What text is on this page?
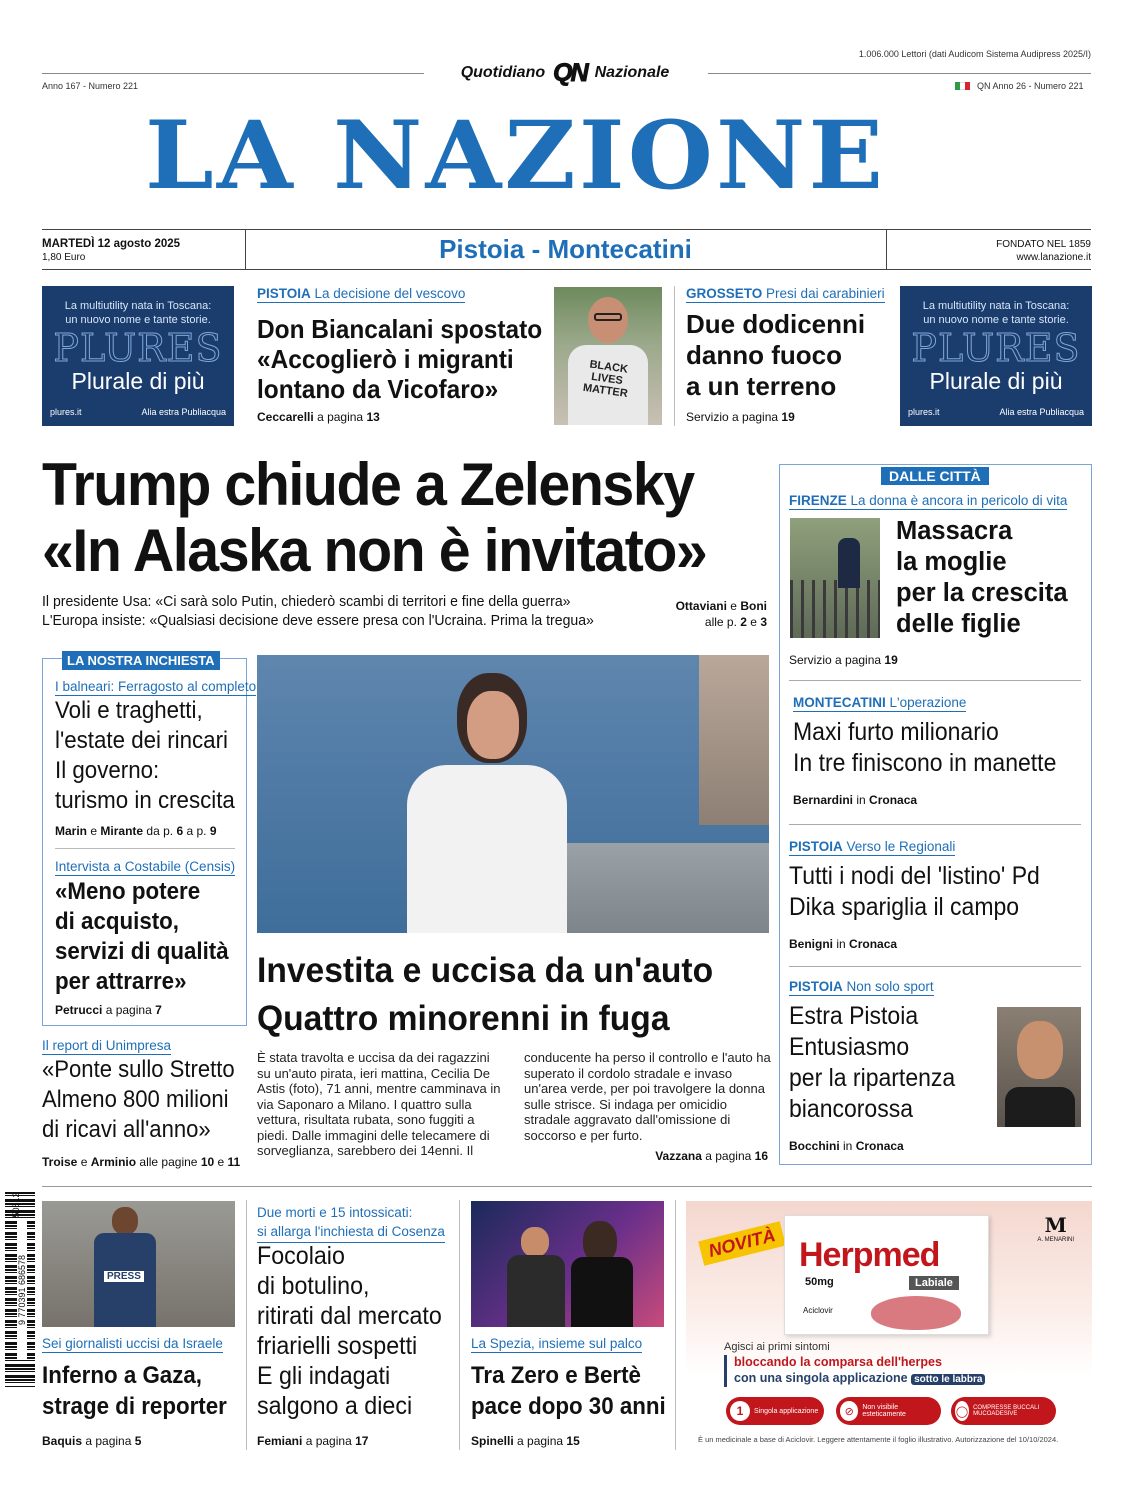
1.006.000 Lettori (dati Audicom Sistema Audipress 2025/I)
Anno 167 - Numero 221	QN Anno 26 - Numero 221
Quotidiano QN Nazionale
LA NAZIONE
MARTEDÌ 12 agosto 2025
1,80 Euro	Pistoia - Montecatini	FONDATO NEL 1859
www.lanazione.it
La multiutility nata in Toscana:
un nuovo nome e tante storie.
PLURES
Plurale di più
plures.it	Alia estra Publiacqua
PISTOIA La decisione del vescovo
Don Biancalani spostato
«Accoglierò i migranti
lontano da Vicofaro»
Ceccarelli a pagina 13
BLACK LIVES MATTER
GROSSETO Presi dai carabinieri
Due dodicenni
danno fuoco
a un terreno
Servizio a pagina 19
La multiutility nata in Toscana:
un nuovo nome e tante storie.
PLURES
Plurale di più
plures.it	Alia estra Publiacqua
Trump chiude a Zelensky
«In Alaska non è invitato»
Il presidente Usa: «Ci sarà solo Putin, chiederò scambi di territori e fine della guerra»
L'Europa insiste: «Qualsiasi decisione deve essere presa con l'Ucraina. Prima la tregua»
Ottaviani e Boni
alle p. 2 e 3
LA NOSTRA INCHIESTA
I balneari: Ferragosto al completo
Voli e traghetti,
l'estate dei rincari
Il governo:
turismo in crescita
Marin e Mirante da p. 6 a p. 9
Intervista a Costabile (Censis)
«Meno potere
di acquisto,
servizi di qualità
per attrarre»
Petrucci a pagina 7
Il report di Unimpresa
«Ponte sullo Stretto
Almeno 800 milioni
di ricavi all'anno»
Troise e Arminio alle pagine 10 e 11
Investita e uccisa da un'auto
Quattro minorenni in fuga
È stata travolta e uccisa da dei ragazzini su un'auto pirata, ieri mattina, Cecilia De Astis (foto), 71 anni, mentre camminava in via Saponaro a Milano. I quattro sulla vettura, risultata rubata, sono fuggiti a piedi. Dalle immagini delle telecamere di sorveglianza, sarebbero dei 14enni. Il
conducente ha perso il controllo e l'auto ha superato il cordolo stradale e invaso un'area verde, per poi travolgere la donna sulle strisce. Si indaga per omicidio stradale aggravato dall'omissione di soccorso e per furto.
Vazzana a pagina 16
DALLE CITTÀ
FIRENZE La donna è ancora in pericolo di vita
Massacra
la moglie
per la crescita
delle figlie
Servizio a pagina 19
MONTECATINI L'operazione
Maxi furto milionario
In tre finiscono in manette
Bernardini in Cronaca
PISTOIA Verso le Regionali
Tutti i nodi del 'listino' Pd
Dika spariglia il campo
Benigni in Cronaca
PISTOIA Non solo sport
Estra Pistoia
Entusiasmo
per la ripartenza
biancorossa
Bocchini in Cronaca
9 770391 686578
50812
PRESS
Sei giornalisti uccisi da Israele
Inferno a Gaza,
strage di reporter
Baquis a pagina 5
Due morti e 15 intossicati:
si allarga l'inchiesta di Cosenza
Focolaio
di botulino,
ritirati dal mercato
friarielli sospetti
E gli indagati
salgono a dieci
Femiani a pagina 17
La Spezia, insieme sul palco
Tra Zero e Bertè
pace dopo 30 anni
Spinelli a pagina 15
NOVITÀ Herpmed
50mg	Labiale
Aciclovir
M
A. MENARINI
Agisci ai primi sintomi
bloccando la comparsa dell'herpes
con una singola applicazione sotto le labbra
1	Singola applicazione	⊘	Non visibile esteticamente	◯ COMPRESSE BUCCALI MUCOADESIVE
È un medicinale a base di Aciclovir. Leggere attentamente il foglio illustrativo. Autorizzazione del 10/10/2024.
